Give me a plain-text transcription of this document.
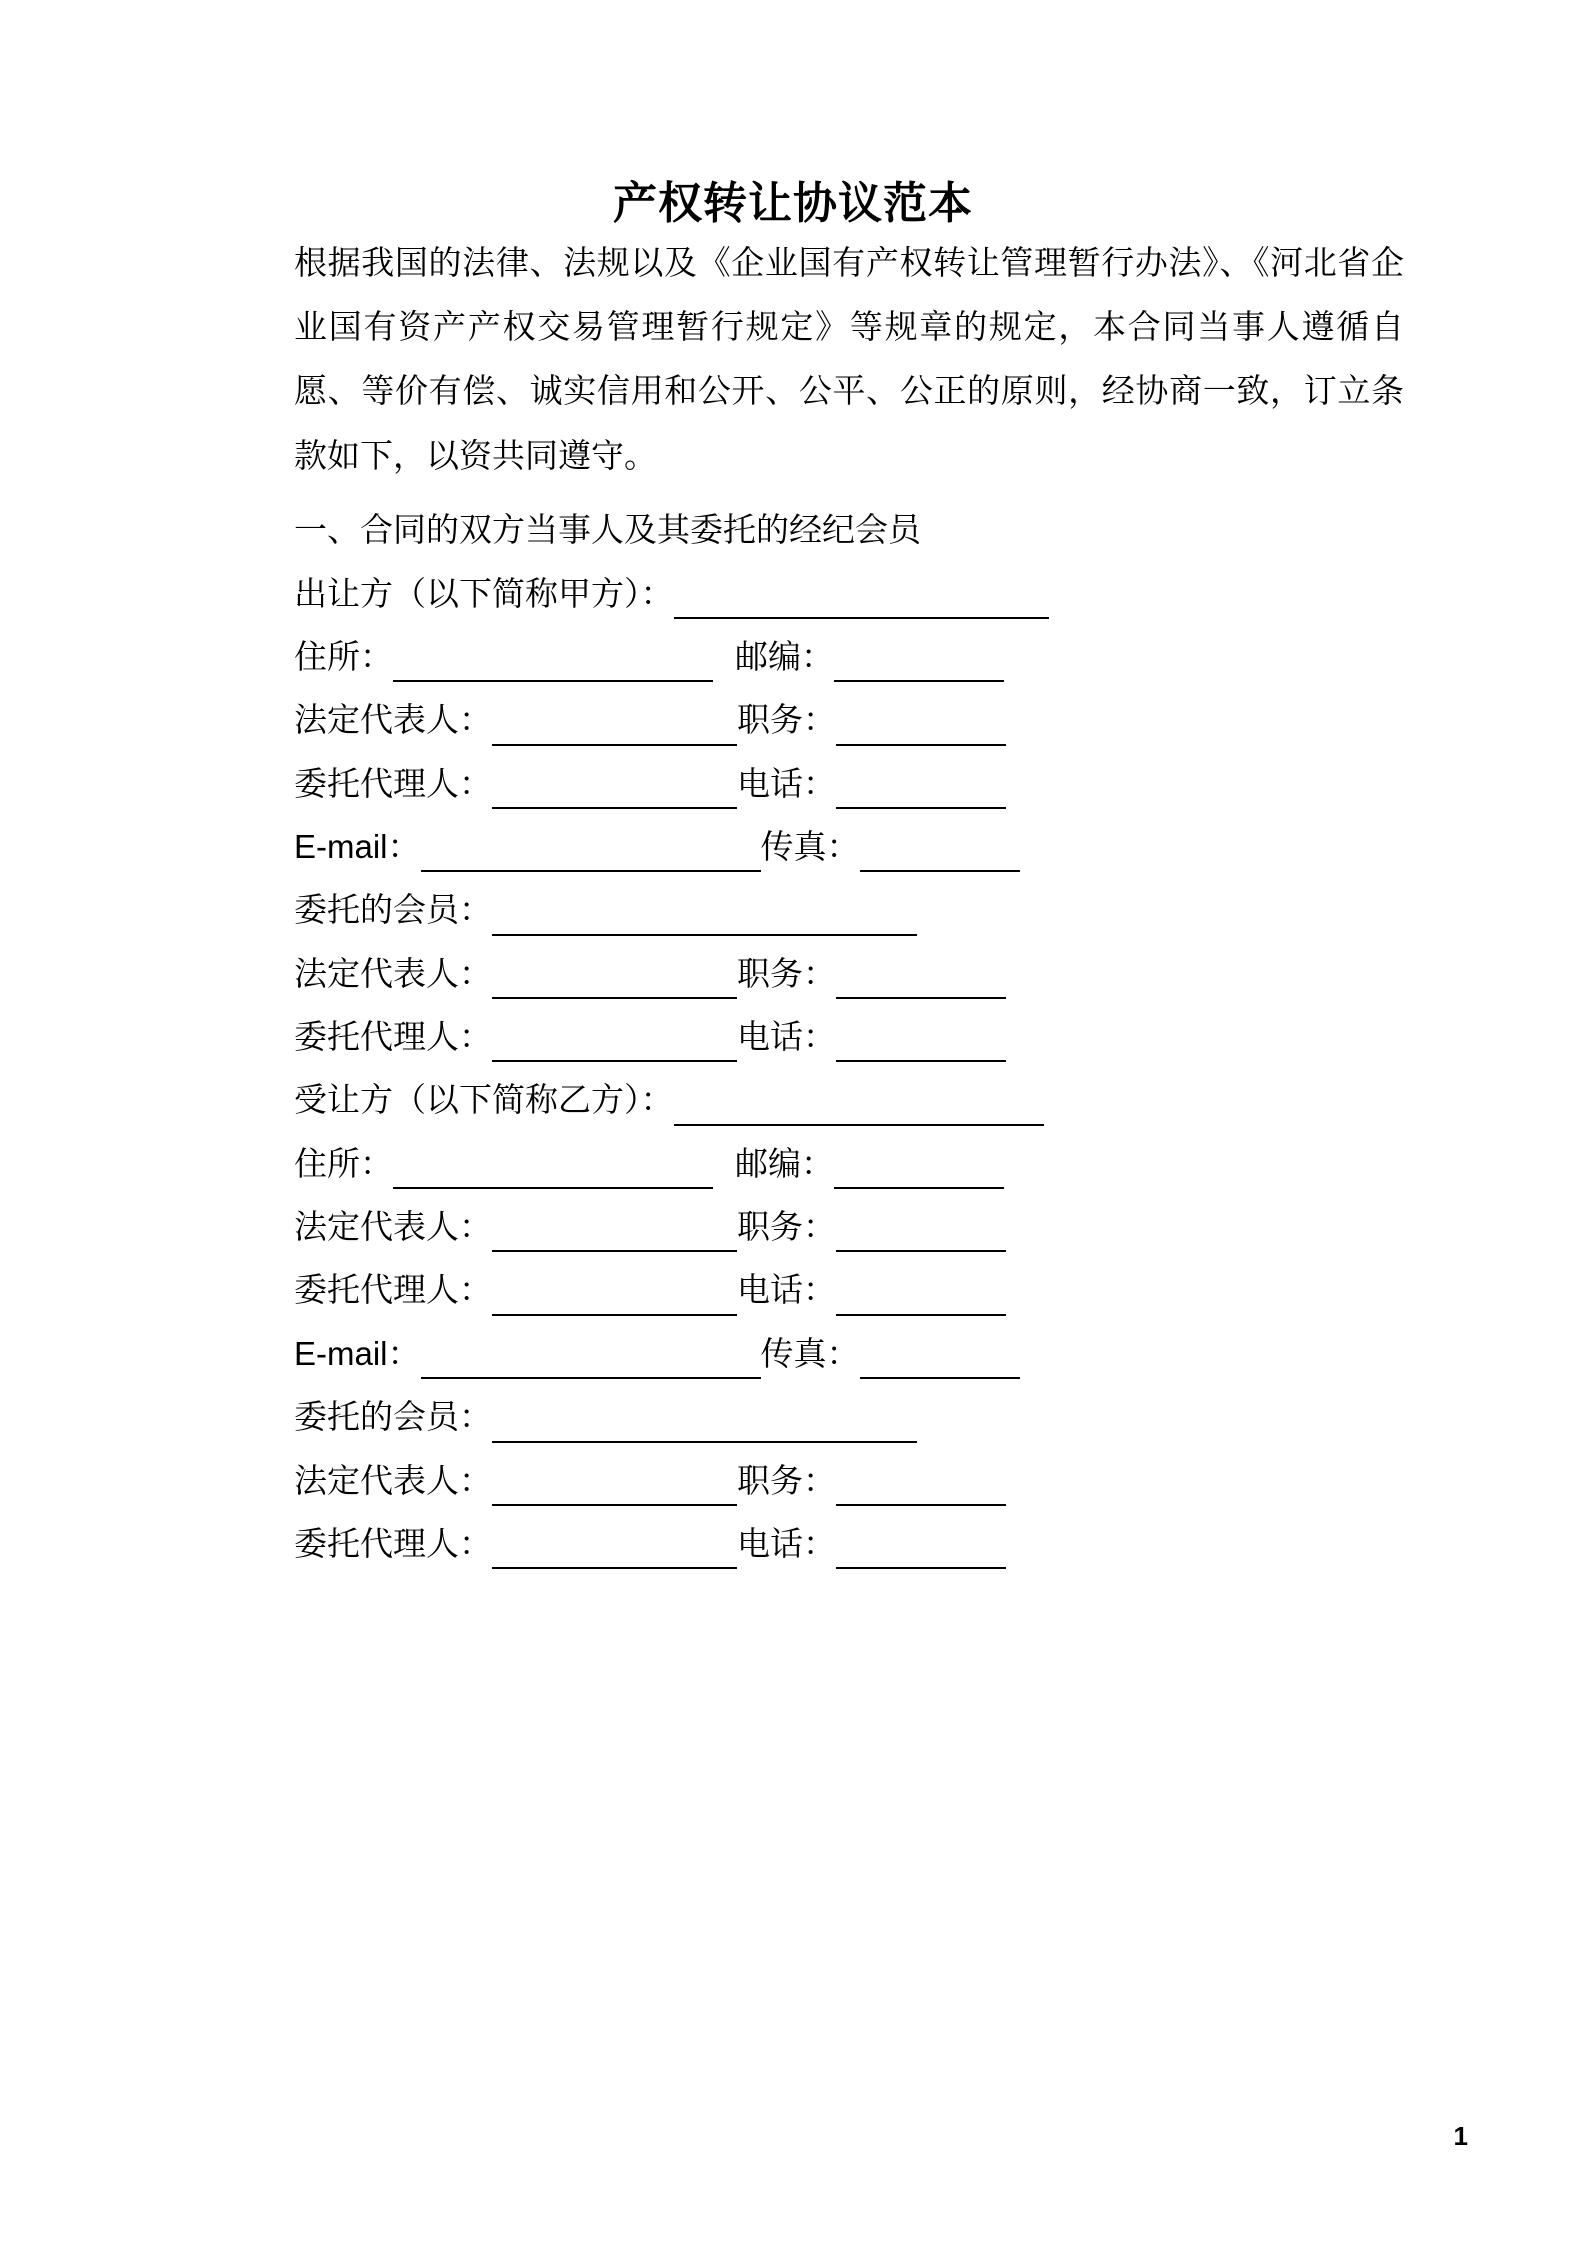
产权转让协议范本

根据我国的法律、法规以及《企业国有产权转让管理暂行办法》、《河北省企业国有资产产权交易管理暂行规定》等规章的规定，本合同当事人遵循自愿、等价有偿、诚实信用和公开、公平、公正的原则，经协商一致，订立条款如下，以资共同遵守。

一、合同的双方当事人及其委托的经纪会员

出让方（以下简称甲方）：

住所：	邮编：

法定代表人：	职务：

委托代理人：	电话：

E-mail：	传真：

委托的会员：

法定代表人：	职务：

委托代理人：	电话：

受让方（以下简称乙方）：

住所：	邮编：

法定代表人：	职务：

委托代理人：	电话：

E-mail：	传真：

委托的会员：

法定代表人：	职务：

委托代理人：	电话：

1
